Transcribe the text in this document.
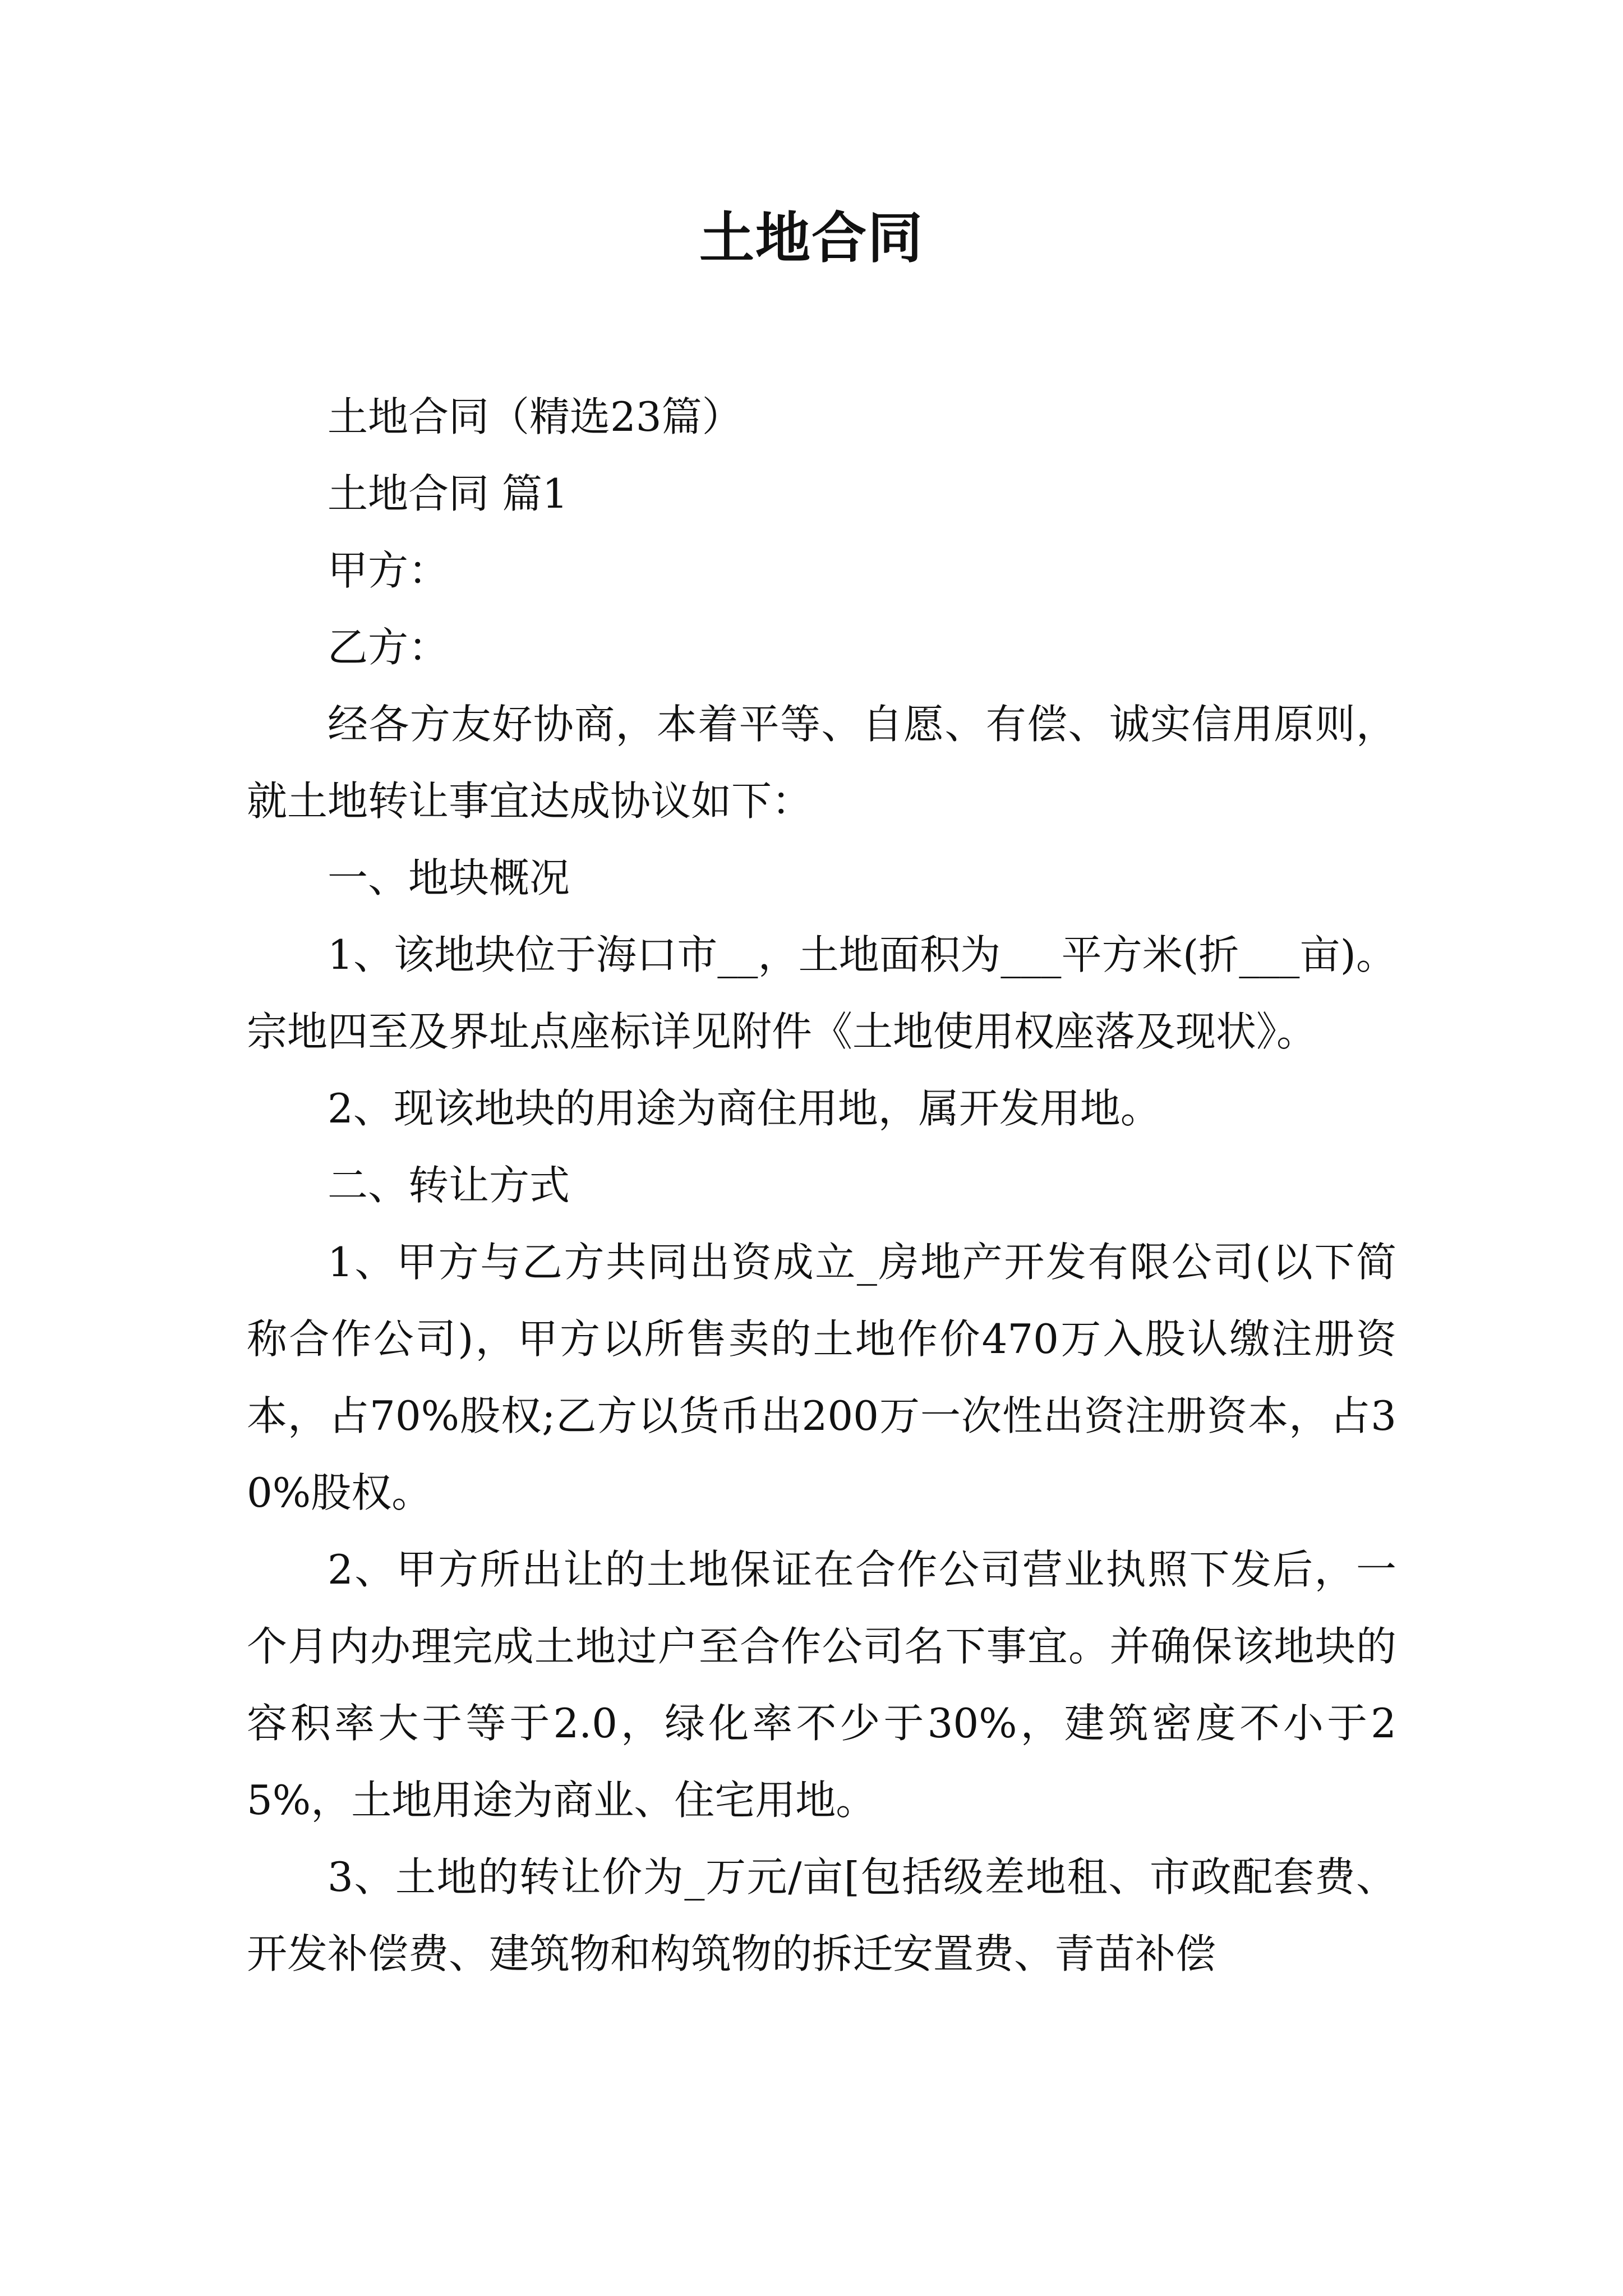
土地合同

土地合同（精选23篇）

土地合同 篇1

甲方：

乙方：

经各方友好协商，本着平等、自愿、有偿、诚实信用原则，就土地转让事宜达成协议如下：

一、地块概况

1、该地块位于海口市__，土地面积为___平方米(折___亩)。宗地四至及界址点座标详见附件《土地使用权座落及现状》。

2、现该地块的用途为商住用地，属开发用地。

二、转让方式

1、甲方与乙方共同出资成立_房地产开发有限公司(以下简称合作公司)，甲方以所售卖的土地作价470万入股认缴注册资本，占70%股权;乙方以货币出200万一次性出资注册资本，占30%股权。

2、甲方所出让的土地保证在合作公司营业执照下发后，一个月内办理完成土地过户至合作公司名下事宜。并确保该地块的容积率大于等于2.0，绿化率不少于30%，建筑密度不小于25%，土地用途为商业、住宅用地。

3、土地的转让价为_万元/亩[包括级差地租、市政配套费、开发补偿费、建筑物和构筑物的拆迁安置费、青苗补偿
